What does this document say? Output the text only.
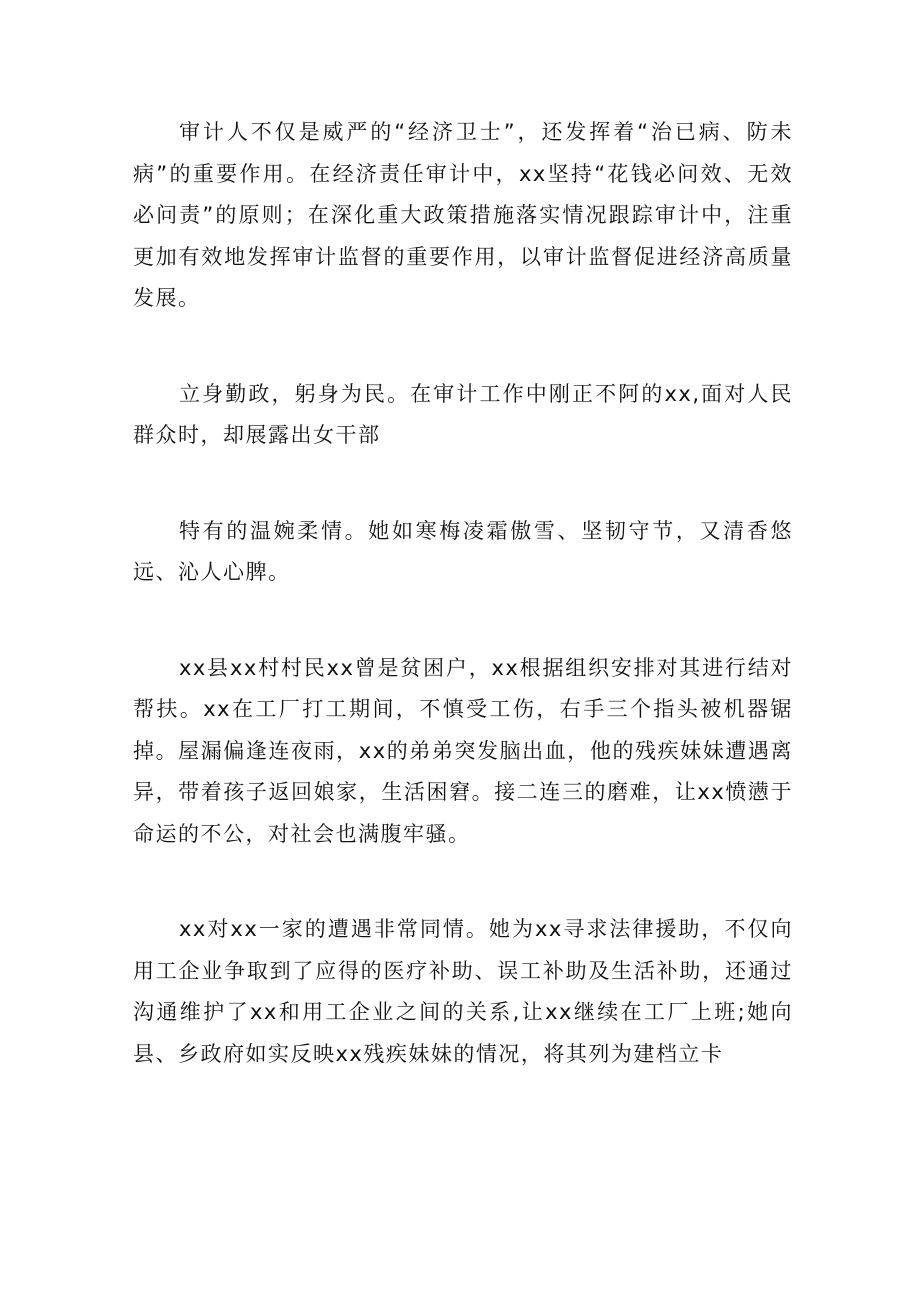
审计人不仅是威严的“经济卫士”，还发挥着“治已病、防未病”的重要作用。在经济责任审计中，xx坚持“花钱必问效、无效必问责”的原则；在深化重大政策措施落实情况跟踪审计中，注重更加有效地发挥审计监督的重要作用，以审计监督促进经济高质量发展。

立身勤政，躬身为民。在审计工作中刚正不阿的xx,面对人民群众时，却展露出女干部

特有的温婉柔情。她如寒梅凌霜傲雪、坚韧守节，又清香悠远、沁人心脾。

xx县xx村村民xx曾是贫困户，xx根据组织安排对其进行结对帮扶。xx在工厂打工期间，不慎受工伤，右手三个指头被机器锯掉。屋漏偏逢连夜雨，xx的弟弟突发脑出血，他的残疾妹妹遭遇离异，带着孩子返回娘家，生活困窘。接二连三的磨难，让xx愤懑于命运的不公，对社会也满腹牢骚。

xx对xx一家的遭遇非常同情。她为xx寻求法律援助，不仅向用工企业争取到了应得的医疗补助、误工补助及生活补助，还通过沟通维护了xx和用工企业之间的关系,让xx继续在工厂上班;她向县、乡政府如实反映xx残疾妹妹的情况，将其列为建档立卡
